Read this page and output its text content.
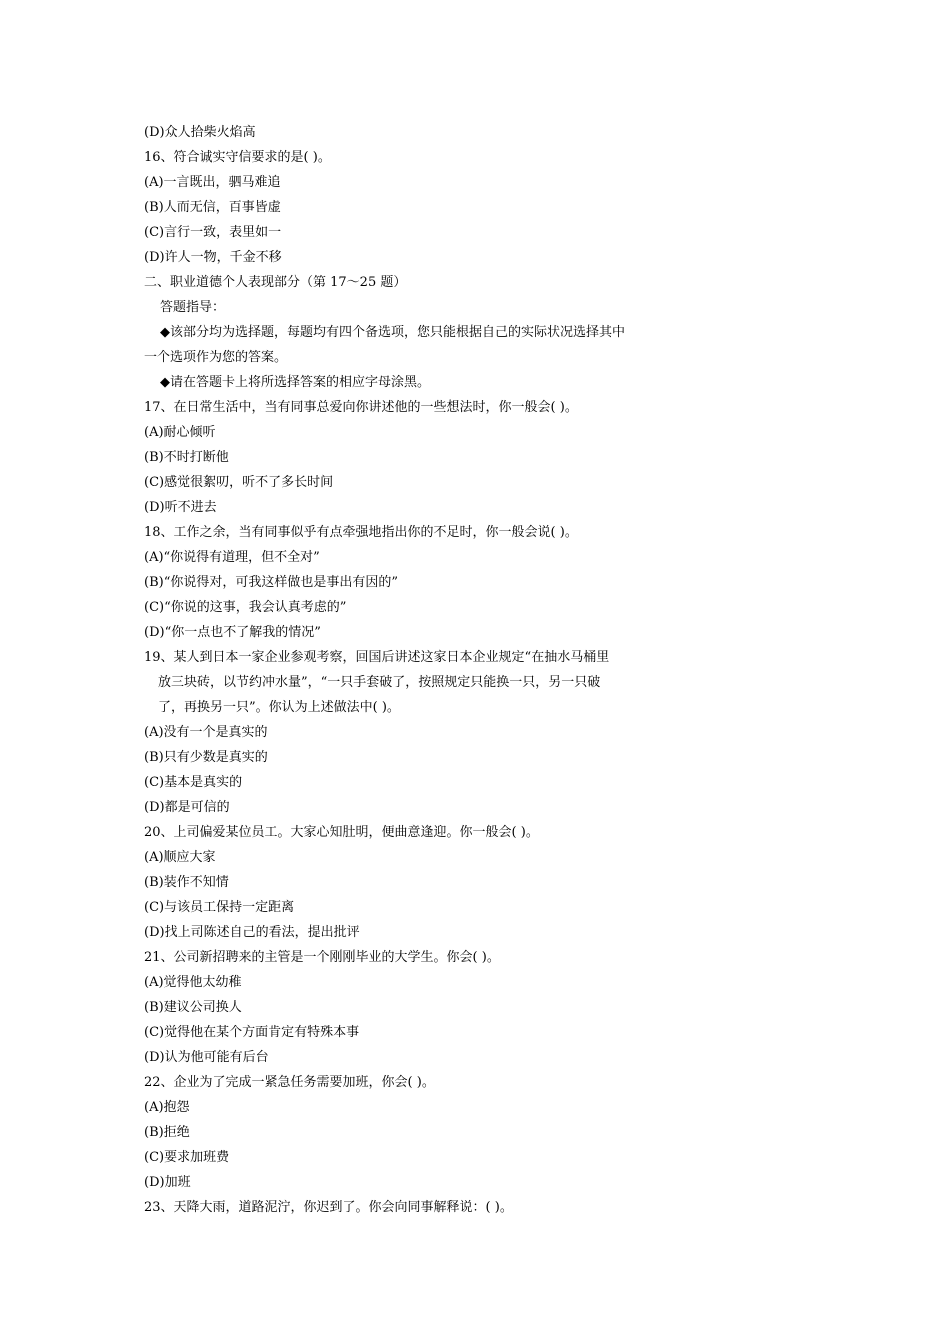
(D)众人拾柴火焰高
16、符合诚实守信要求的是( )。
(A)一言既出，驷马难追
(B)人而无信，百事皆虚
(C)言行一致，表里如一
(D)许人一物，千金不移
二、职业道德个人表现部分（第 17～25 题）
答题指导：
◆该部分均为选择题，每题均有四个备选项，您只能根据自己的实际状况选择其中
一个选项作为您的答案。
◆请在答题卡上将所选择答案的相应字母涂黑。
17、在日常生活中，当有同事总爱向你讲述他的一些想法时，你一般会( )。
(A)耐心倾听
(B)不时打断他
(C)感觉很絮叨，听不了多长时间
(D)听不进去
18、工作之余，当有同事似乎有点牵强地指出你的不足时，你一般会说( )。
(A)“你说得有道理，但不全对”
(B)“你说得对，可我这样做也是事出有因的”
(C)“你说的这事，我会认真考虑的”
(D)“你一点也不了解我的情况”
19、某人到日本一家企业参观考察，回国后讲述这家日本企业规定“在抽水马桶里
放三块砖，以节约冲水量”，“一只手套破了，按照规定只能换一只，另一只破
了，再换另一只”。你认为上述做法中( )。
(A)没有一个是真实的
(B)只有少数是真实的
(C)基本是真实的
(D)都是可信的
20、上司偏爱某位员工。大家心知肚明，便曲意逢迎。你一般会( )。
(A)顺应大家
(B)装作不知情
(C)与该员工保持一定距离
(D)找上司陈述自己的看法，提出批评
21、公司新招聘来的主管是一个刚刚毕业的大学生。你会( )。
(A)觉得他太幼稚
(B)建议公司换人
(C)觉得他在某个方面肯定有特殊本事
(D)认为他可能有后台
22、企业为了完成一紧急任务需要加班，你会( )。
(A)抱怨
(B)拒绝
(C)要求加班费
(D)加班
23、天降大雨，道路泥泞，你迟到了。你会向同事解释说：( )。
